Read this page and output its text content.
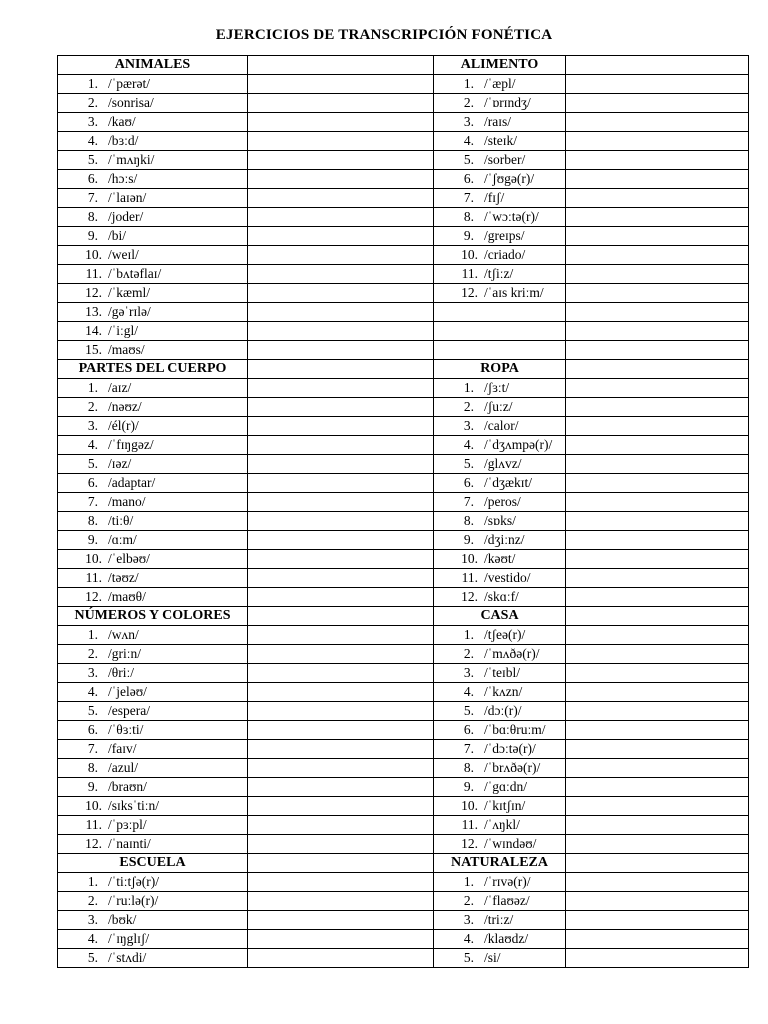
EJERCICIOS DE TRANSCRIPCIÓN FONÉTICA
ANIMALES		ALIMENTO	
1. /ˈpærət/		1. /ˈæpl/	
2. /sonrisa/		2. /ˈɒrɪndʒ/	
3. /kaʊ/		3. /raɪs/	
4. /bɜːd/		4. /steɪk/	
5. /ˈmʌŋki/		5. /sorber/	
6. /hɔːs/		6. /ˈʃʊgə(r)/	
7. /ˈlaɪən/		7. /fɪʃ/	
8. /joder/		8. /ˈwɔːtə(r)/	
9. /bi/		9. /greɪps/	
10. /weɪl/		10. /criado/	
11. /ˈbʌtəflaɪ/		11. /tʃiːz/	
12. /ˈkæml/		12. /ˈaɪs kriːm/	
13. /gəˈrɪlə/			
14. /ˈiːgl/			
15. /maʊs/			
PARTES DEL CUERPO		ROPA	
1. /aɪz/		1. /ʃɜːt/	
2. /nəʊz/		2. /ʃuːz/	
3. /él(r)/		3. /calor/	
4. /ˈfɪŋgəz/		4. /ˈdʒʌmpə(r)/	
5. /ɪəz/		5. /glʌvz/	
6. /adaptar/		6. /ˈdʒækɪt/	
7. /mano/		7. /peros/	
8. /tiːθ/		8. /sɒks/	
9. /ɑːm/		9. /dʒiːnz/	
10. /ˈelbəʊ/		10. /kəʊt/	
11. /təʊz/		11. /vestido/	
12. /maʊθ/		12. /skɑːf/	
NÚMEROS Y COLORES		CASA	
1. /wʌn/		1. /tʃeə(r)/	
2. /griːn/		2. /ˈmʌðə(r)/	
3. /θriː/		3. /ˈteɪbl/	
4. /ˈjeləʊ/		4. /ˈkʌzn/	
5. /espera/		5. /dɔː(r)/	
6. /ˈθɜːti/		6. /ˈbɑːθruːm/	
7. /faɪv/		7. /ˈdɔːtə(r)/	
8. /azul/		8. /ˈbrʌðə(r)/	
9. /braʊn/		9. /ˈgɑːdn/	
10. /sɪksˈtiːn/		10. /ˈkɪtʃɪn/	
11. /ˈpɜːpl/		11. /ˈʌŋkl/	
12. /ˈnaɪnti/		12. /ˈwɪndəʊ/	
ESCUELA		NATURALEZA	
1. /ˈtiːtʃə(r)/		1. /ˈrɪvə(r)/	
2. /ˈruːlə(r)/		2. /ˈflaʊəz/	
3. /bʊk/		3. /triːz/	
4. /ˈɪŋglɪʃ/		4. /klaʊdz/	
5. /ˈstʌdi/		5. /si/	
